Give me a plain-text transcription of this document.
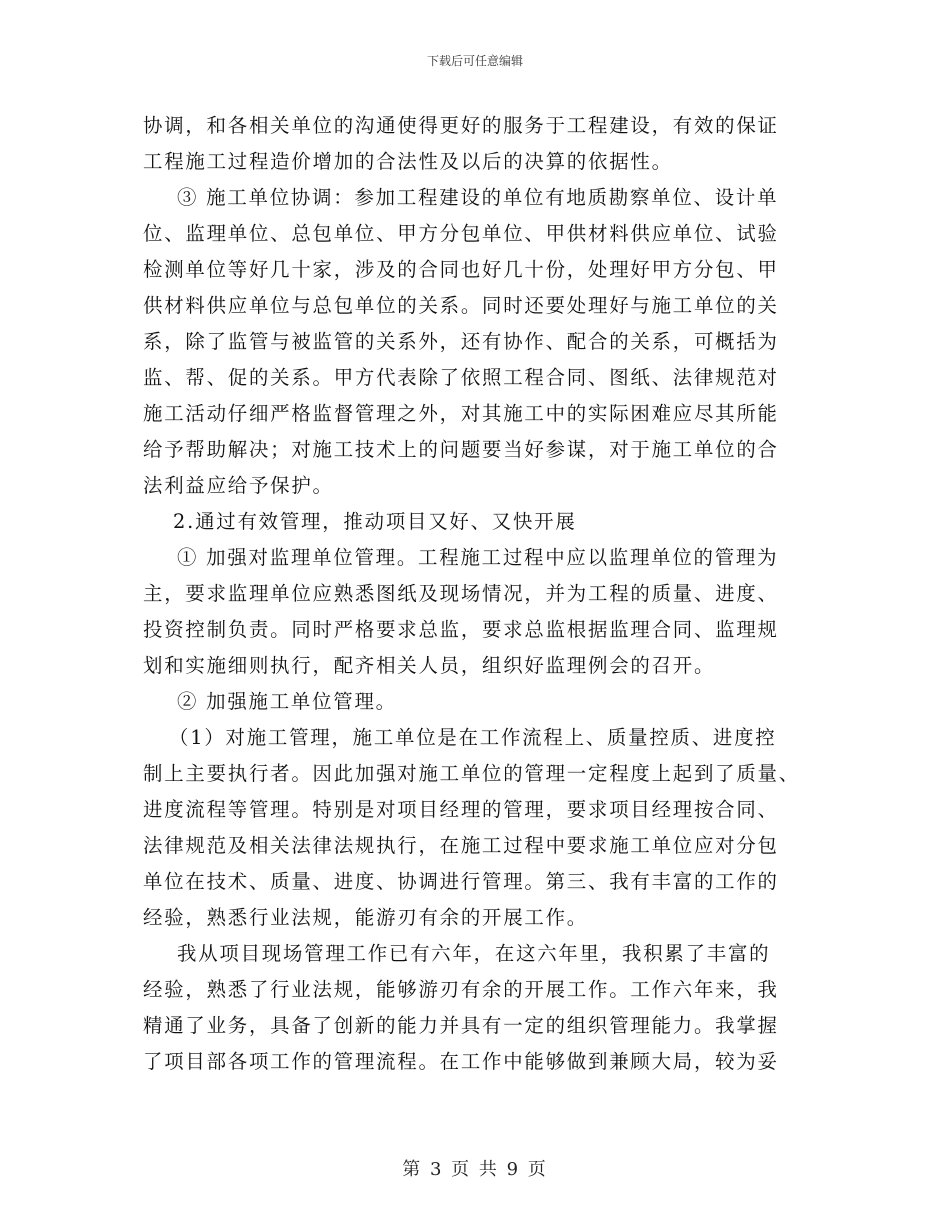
下载后可任意编辑
协调，和各相关单位的沟通使得更好的服务于工程建设，有效的保证
工程施工过程造价增加的合法性及以后的决算的依据性。
③ 施工单位协调：参加工程建设的单位有地质勘察单位、设计单
位、监理单位、总包单位、甲方分包单位、甲供材料供应单位、试验
检测单位等好几十家，涉及的合同也好几十份，处理好甲方分包、甲
供材料供应单位与总包单位的关系。同时还要处理好与施工单位的关
系，除了监管与被监管的关系外，还有协作、配合的关系，可概括为
监、帮、促的关系。甲方代表除了依照工程合同、图纸、法律规范对
施工活动仔细严格监督管理之外，对其施工中的实际困难应尽其所能
给予帮助解决；对施工技术上的问题要当好参谋，对于施工单位的合
法利益应给予保护。
2.通过有效管理，推动项目又好、又快开展
① 加强对监理单位管理。工程施工过程中应以监理单位的管理为
主，要求监理单位应熟悉图纸及现场情况，并为工程的质量、进度、
投资控制负责。同时严格要求总监，要求总监根据监理合同、监理规
划和实施细则执行，配齐相关人员，组织好监理例会的召开。
② 加强施工单位管理。
（1）对施工管理，施工单位是在工作流程上、质量控质、进度控
制上主要执行者。因此加强对施工单位的管理一定程度上起到了质量、
进度流程等管理。特别是对项目经理的管理，要求项目经理按合同、
法律规范及相关法律法规执行，在施工过程中要求施工单位应对分包
单位在技术、质量、进度、协调进行管理。第三、我有丰富的工作的
经验，熟悉行业法规，能游刃有余的开展工作。
我从项目现场管理工作已有六年，在这六年里，我积累了丰富的
经验，熟悉了行业法规，能够游刃有余的开展工作。工作六年来，我
精通了业务，具备了创新的能力并具有一定的组织管理能力。我掌握
了项目部各项工作的管理流程。在工作中能够做到兼顾大局，较为妥
第 3 页 共 9 页
